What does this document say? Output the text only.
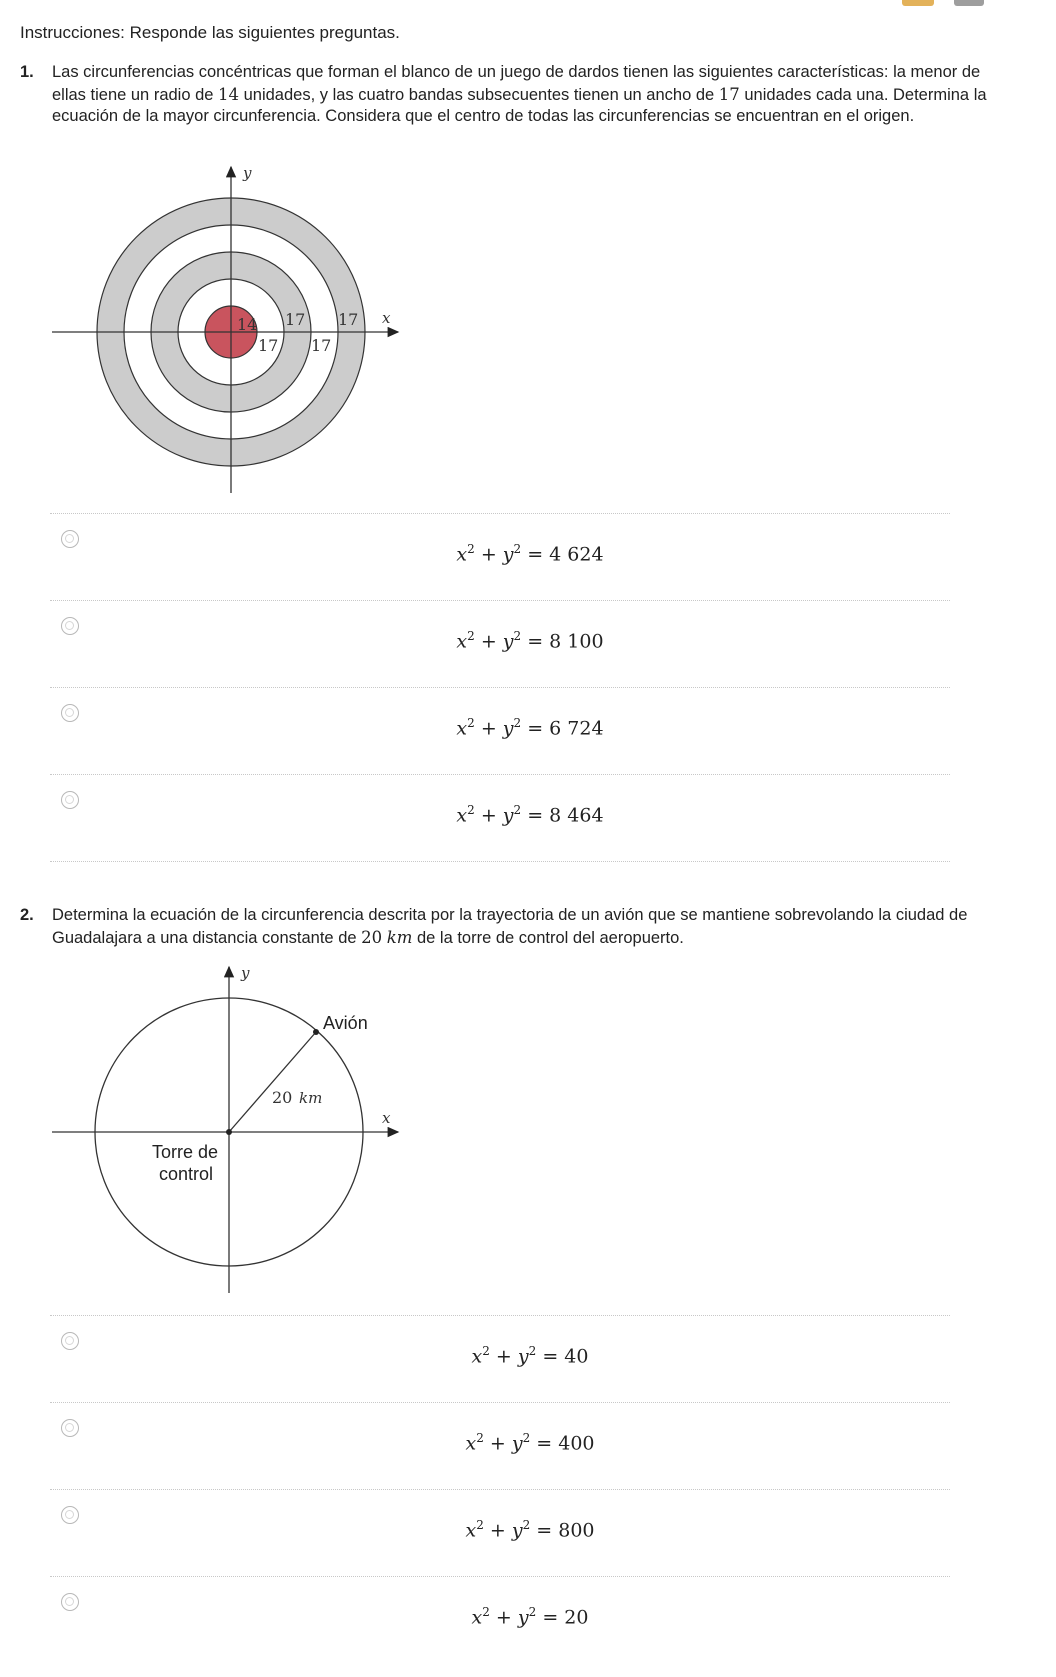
Instrucciones: Responde las siguientes preguntas.
1. Las circunferencias concéntricas que forman el blanco de un juego de dardos tienen las siguientes características: la menor de ellas tiene un radio de 14 unidades, y las cuatro bandas subsecuentes tienen un ancho de 17 unidades cada una. Determina la ecuación de la mayor circunferencia. Considera que el centro de todas las circunferencias se encuentran en el origen.
y
x
14
17
17
17
17
$x^2 + y^2 = 4$ 624
$x^2 + y^2 = 8$ 100
$x^2 + y^2 = 6$ 724
$x^2 + y^2 = 8$ 464
2. Determina la ecuación de la circunferencia descrita por la trayectoria de un avión que se mantiene sobrevolando la ciudad de Guadalajara a una distancia constante de 20 km de la torre de control del aeropuerto.
y
x
Avión
20 km
Torre de
control
$x^2 + y^2 = 40$
$x^2 + y^2 = 400$
$x^2 + y^2 = 800$
$x^2 + y^2 = 20$
